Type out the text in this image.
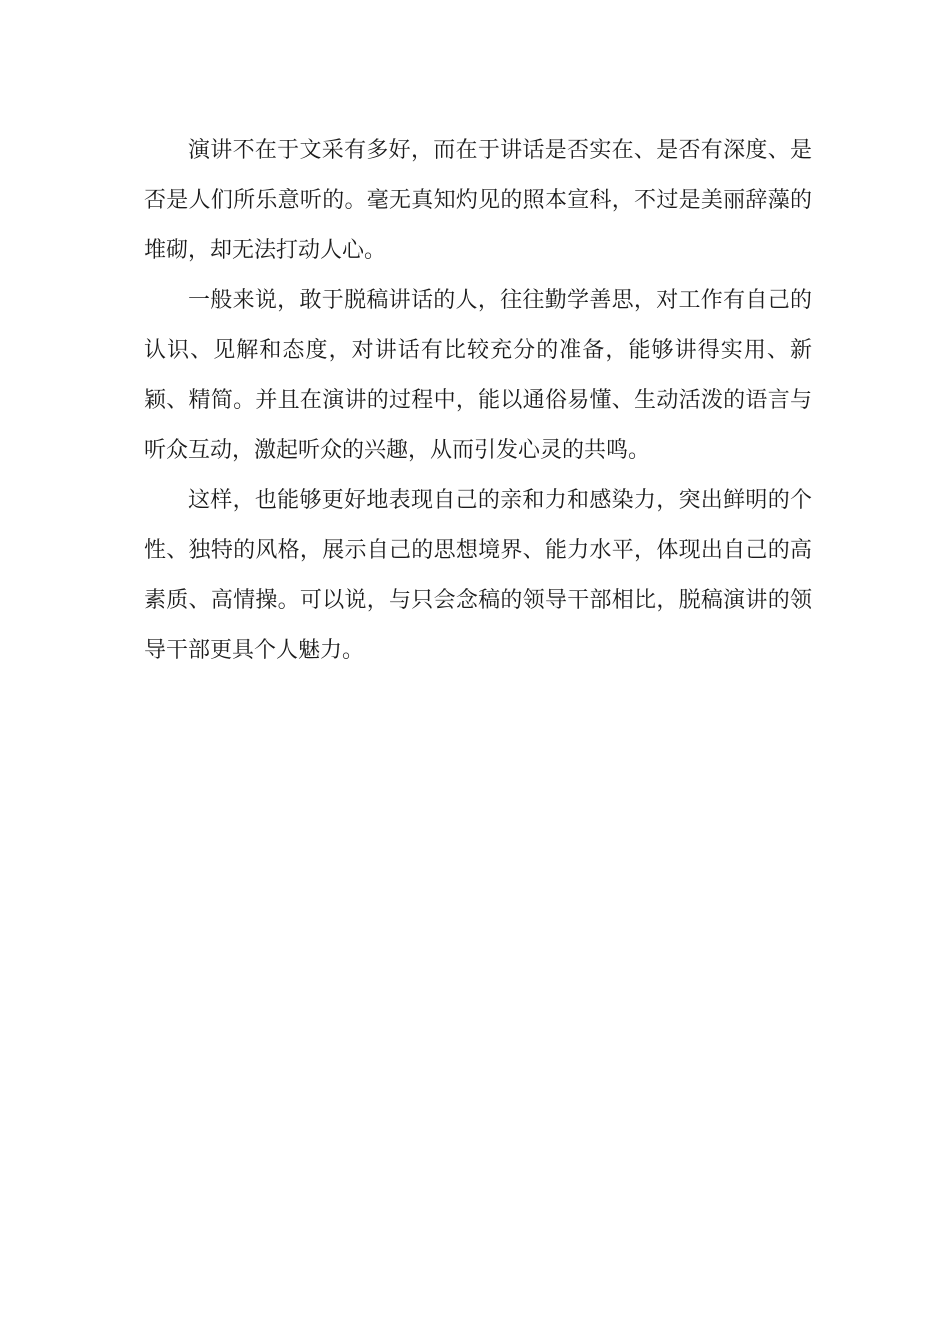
演讲不在于文采有多好，而在于讲话是否实在、是否有深度、是否是人们所乐意听的。毫无真知灼见的照本宣科，不过是美丽辞藻的堆砌，却无法打动人心。

一般来说，敢于脱稿讲话的人，往往勤学善思，对工作有自己的认识、见解和态度，对讲话有比较充分的准备，能够讲得实用、新颖、精简。并且在演讲的过程中，能以通俗易懂、生动活泼的语言与听众互动，激起听众的兴趣，从而引发心灵的共鸣。

这样，也能够更好地表现自己的亲和力和感染力，突出鲜明的个性、独特的风格，展示自己的思想境界、能力水平，体现出自己的高素质、高情操。可以说，与只会念稿的领导干部相比，脱稿演讲的领导干部更具个人魅力。
